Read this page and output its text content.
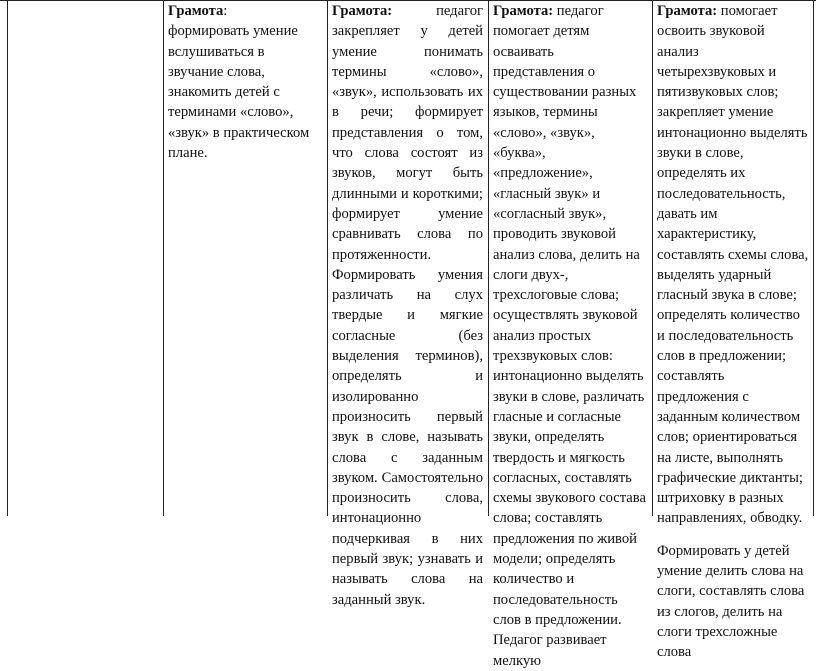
Грамота: формировать умение вслушиваться в звучание слова, знакомить детей с терминами «слово», «звук» в практическом плане.

Грамота: педагог закрепляет у детей умение понимать термины «слово», «звук», использовать их в речи; формирует представления о том, что слова состоят из звуков, могут быть длинными и короткими; формирует умение сравнивать слова по протяженности.

Формировать умения различать на слух твердые и мягкие согласные (без выделения терминов), определять и изолированно произносить первый звук в слове, называть слова с заданным звуком. Самостоятельно произносить слова, интонационно подчеркивая в них первый звук; узнавать и называть слова на заданный звук.

Грамота: педагог помогает детям осваивать представления о существовании разных языков, термины «слово», «звук», «буква», «предложение», «гласный звук» и «согласный звук», проводить звуковой анализ слова, делить на слоги двух-, трехслоговые слова; осуществлять звуковой анализ простых трехзвуковых слов: интонационно выделять звуки в слове, различать гласные и согласные звуки, определять твердость и мягкость согласных, составлять схемы звукового состава слова; составлять предложения по живой модели; определять количество и последовательность слов в предложении. Педагог развивает мелкую

Грамота: помогает освоить звуковой анализ четырехзвуковых и пятизвуковых слов; закрепляет умение интонационно выделять звуки в слове, определять их последовательность, давать им характеристику, составлять схемы слова, выделять ударный гласный звука в слове; определять количество и последовательность слов в предложении; составлять предложения с заданным количеством слов; ориентироваться на листе, выполнять графические диктанты; штриховку в разных направлениях, обводку.

Формировать у детей умение делить слова на слоги, составлять слова из слогов, делить на слоги трехсложные слова
